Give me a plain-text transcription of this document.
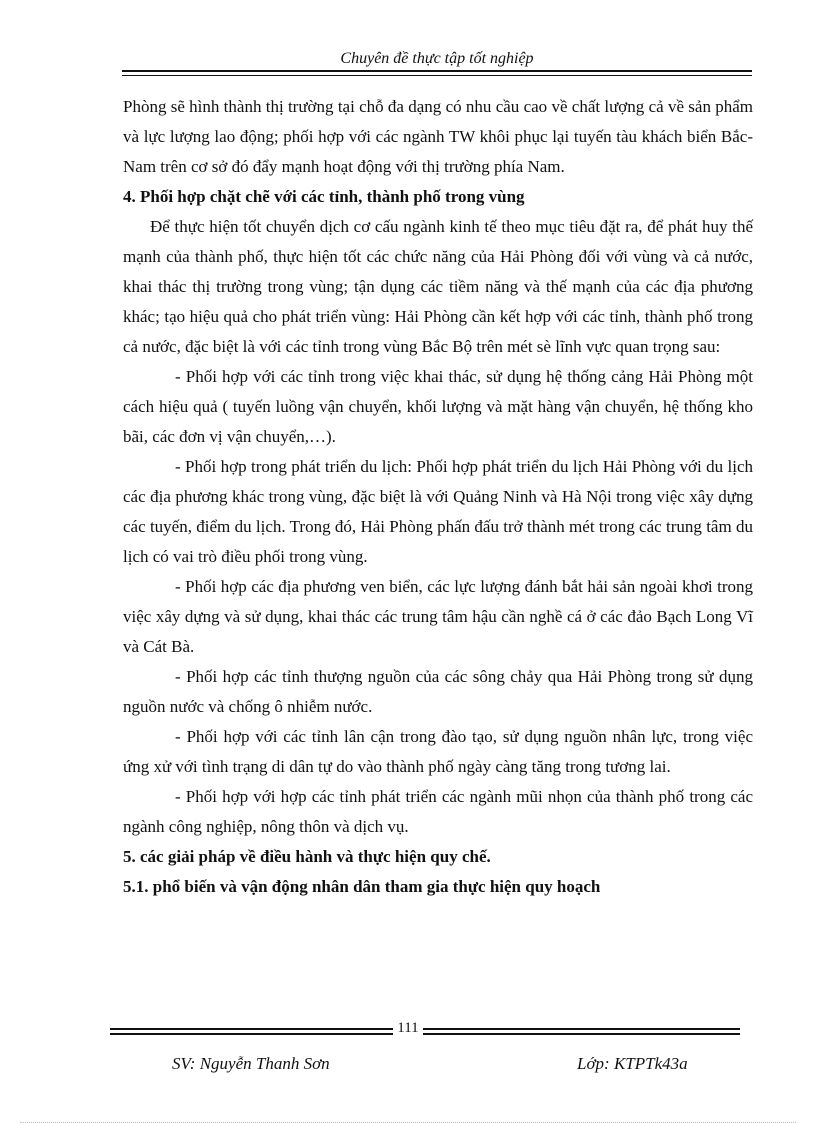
Chuyên đề thực tập tốt nghiệp

Phòng sẽ hình thành thị trường tại chỗ đa dạng có nhu cầu cao về chất lượng cả về sản phẩm và lực lượng lao động; phối hợp với các ngành TW khôi phục lại tuyến tàu khách biển Bắc- Nam trên cơ sở đó đẩy mạnh hoạt động với thị trường phía Nam.

4. Phối hợp chặt chẽ với các tỉnh, thành phố trong vùng

Để thực hiện tốt chuyển dịch cơ cấu ngành kinh tế theo mục tiêu đặt ra, để phát huy thế mạnh của thành phố, thực hiện tốt các chức năng của Hải Phòng đối với vùng và cả nước, khai thác thị trường trong vùng; tận dụng các tiềm năng và thế mạnh của các địa phương khác; tạo hiệu quả cho phát triển vùng: Hải Phòng cần kết hợp với các tỉnh, thành phố trong cả nước, đặc biệt là với các tỉnh trong vùng Bắc Bộ trên mét sè lĩnh vực quan trọng sau:

- Phối hợp với các tỉnh trong việc khai thác, sử dụng hệ thống cảng Hải Phòng một cách hiệu quả ( tuyến luồng vận chuyển, khối lượng và mặt hàng vận chuyển, hệ thống kho bãi, các đơn vị vận chuyển,…).

- Phối hợp trong phát triển du lịch: Phối hợp phát triển du lịch Hải Phòng với du lịch các địa phương khác trong vùng, đặc biệt là với Quảng Ninh và Hà Nội trong việc xây dựng các tuyến, điểm du lịch. Trong đó, Hải Phòng phấn đấu trở thành mét trong các trung tâm du lịch có vai trò điều phối trong vùng.

- Phối hợp các địa phương ven biển, các lực lượng đánh bắt hải sản ngoài khơi trong việc xây dựng và sử dụng, khai thác các trung tâm hậu cần nghề cá ở các đảo Bạch Long Vĩ và Cát Bà.

- Phối hợp các tỉnh thượng nguồn của các sông chảy qua Hải Phòng trong sử dụng nguồn nước và chống ô nhiễm nước.

- Phối hợp với các tỉnh lân cận trong đào tạo, sử dụng nguồn nhân lực, trong việc ứng xử với tình trạng di dân tự do vào thành phố ngày càng tăng trong tương lai.

- Phối hợp với hợp các tỉnh phát triển các ngành mũi nhọn của thành phố trong các ngành công nghiệp, nông thôn và dịch vụ.

5. các giải pháp về điều hành và thực hiện quy chế.

5.1. phổ biến và vận động nhân dân tham gia thực hiện quy hoạch

111
SV: Nguyễn Thanh Sơn	Lớp: KTPTk43a
